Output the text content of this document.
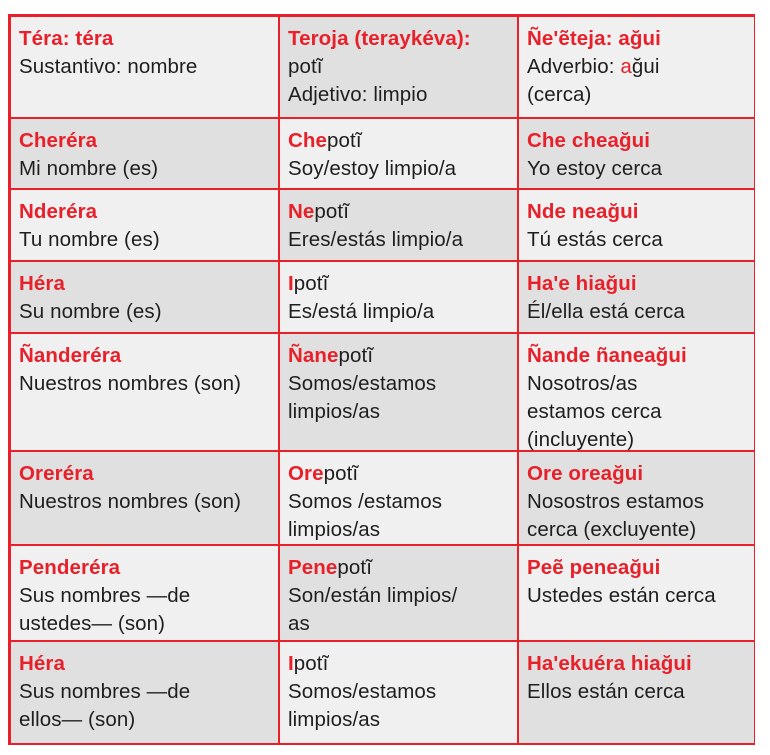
Téra: téra
Sustantivo: nombre
Teroja (teraykéva):
potĩ
Adjetivo: limpio
Ñe'ẽteja: ağui
Adverbio: ağui
(cerca)
Cheréra
Mi nombre (es)
Chepotĩ
Soy/estoy limpio/a
Che cheağui
Yo estoy cerca
Nderéra
Tu nombre (es)
Nepotĩ
Eres/estás limpio/a
Nde neağui
Tú estás cerca
Héra
Su nombre (es)
Ipotĩ
Es/está limpio/a
Ha'e hiağui
Él/ella está cerca
Ñanderéra
Nuestros nombres (son)
Ñanepotĩ
Somos/estamos
limpios/as
Ñande ñaneağui
Nosotros/as
estamos cerca
(incluyente)
Oreréra
Nuestros nombres (son)
Orepotĩ
Somos /estamos
limpios/as
Ore oreağui
Nosostros estamos
cerca (excluyente)
Penderéra
Sus nombres —de
ustedes— (son)
Penepotĩ
Son/están limpios/
as
Peẽ peneağui
Ustedes están cerca
Héra
Sus nombres —de
ellos— (son)
Ipotĩ
Somos/estamos
limpios/as
Ha'ekuéra hiağui
Ellos están cerca
